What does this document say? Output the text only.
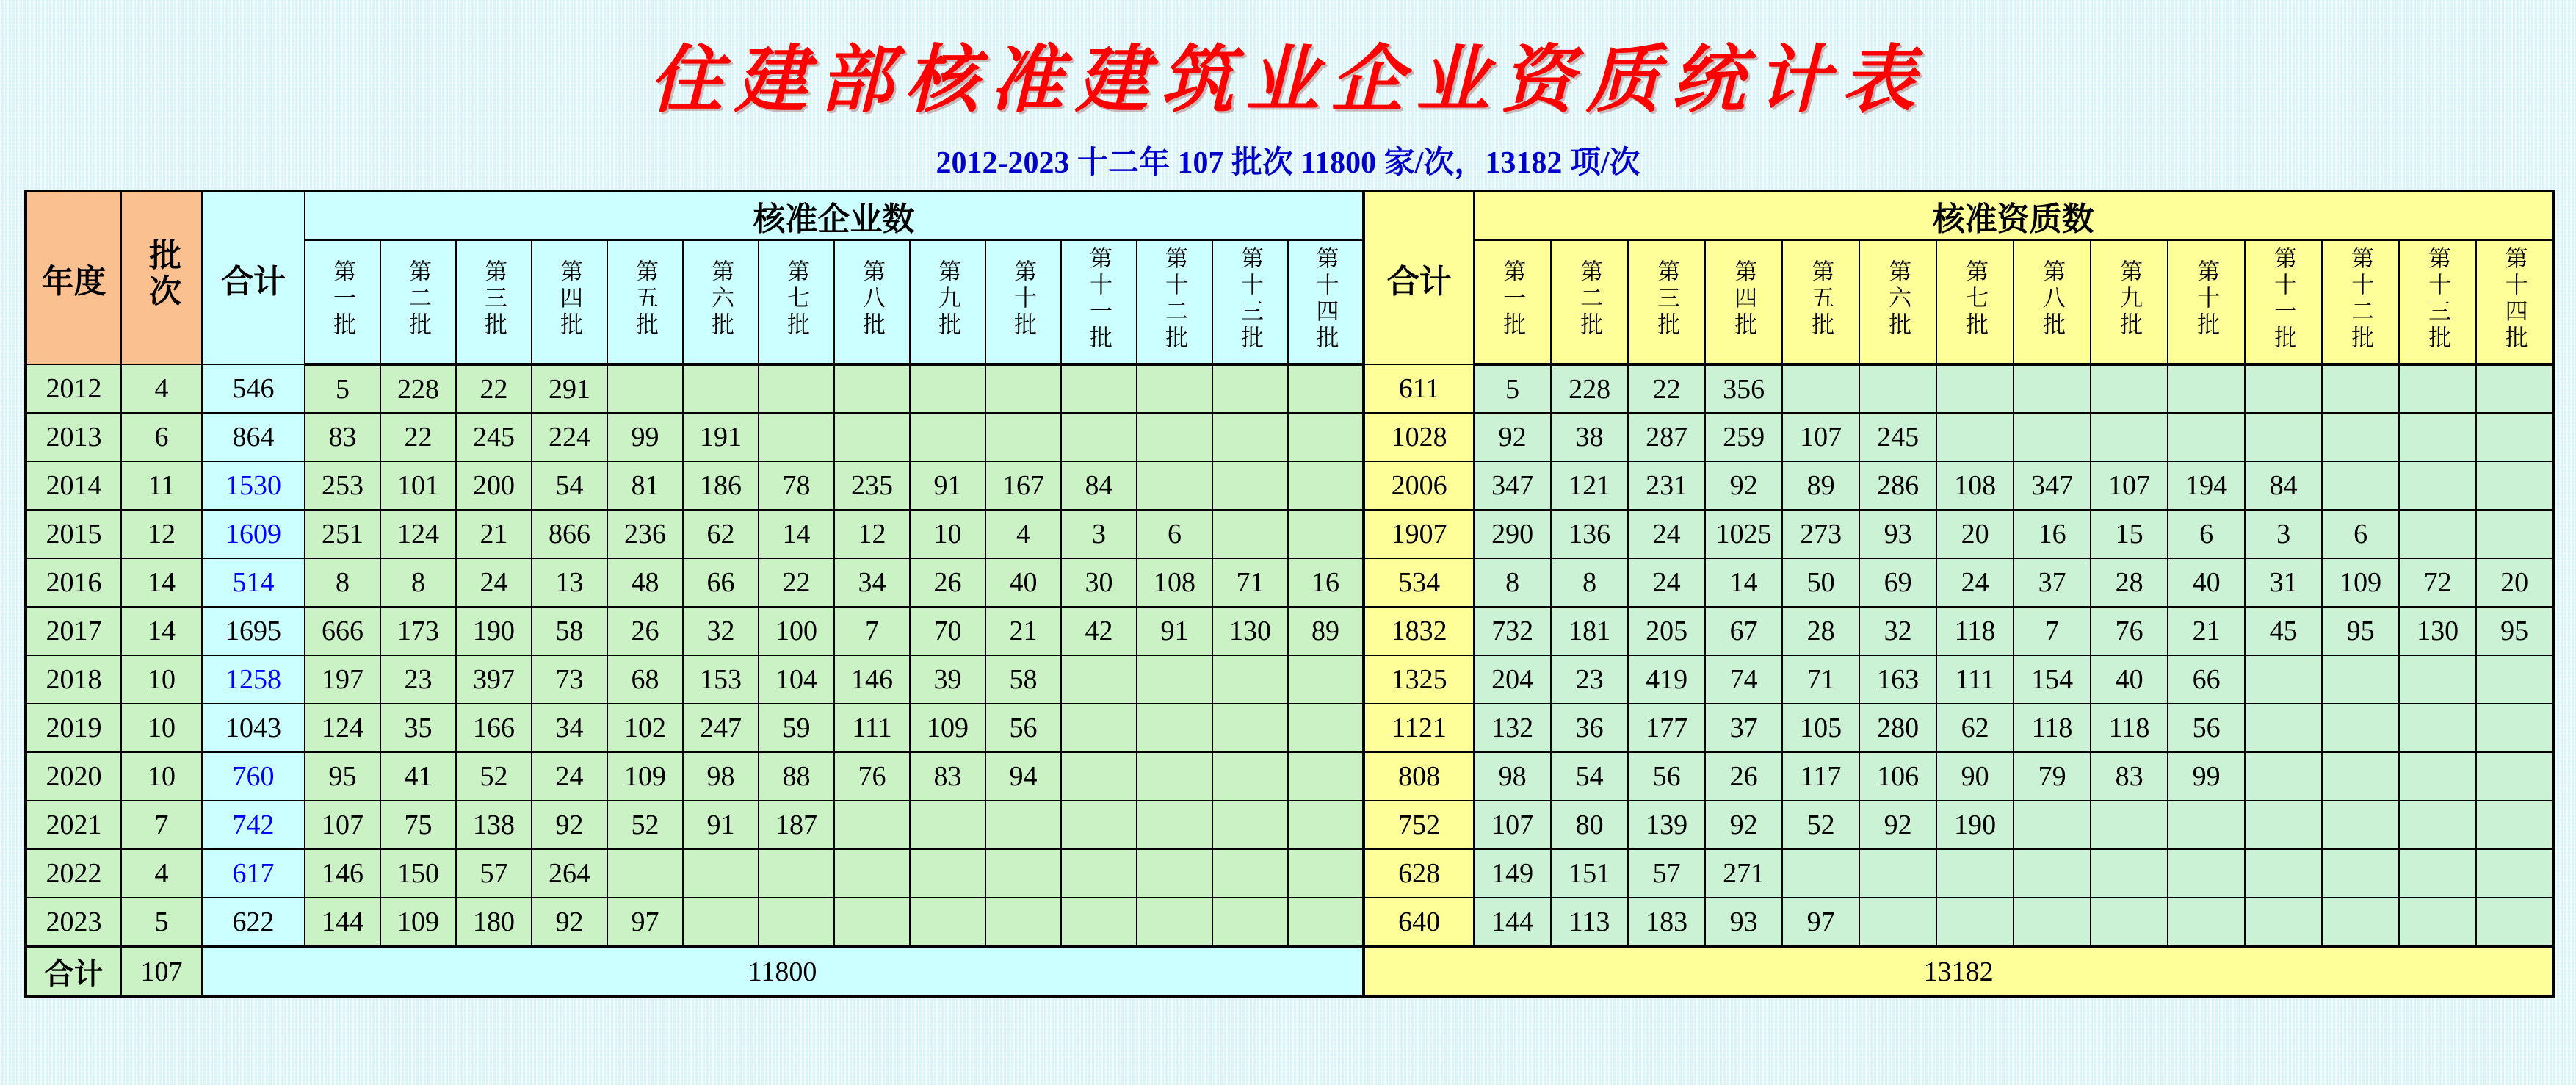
住建部核准建筑业企业资质统计表
2012-2023 十二年 107 批次 11800 家/次，13182 项/次
年度	批次	合计	核准企业数														合计	核准资质数													
			第一批	第二批	第三批	第四批	第五批	第六批	第七批	第八批	第九批	第十批	第十一批	第十二批	第十三批	第十四批		第一批	第二批	第三批	第四批	第五批	第六批	第七批	第八批	第九批	第十批	第十一批	第十二批	第十三批	第十四批
2012	4	546	5	228	22	291											611	5	228	22	356										
2013	6	864	83	22	245	224	99	191									1028	92	38	287	259	107	245								
2014	11	1530	253	101	200	54	81	186	78	235	91	167	84				2006	347	121	231	92	89	286	108	347	107	194	84			
2015	12	1609	251	124	21	866	236	62	14	12	10	4	3	6			1907	290	136	24	1025	273	93	20	16	15	6	3	6		
2016	14	514	8	8	24	13	48	66	22	34	26	40	30	108	71	16	534	8	8	24	14	50	69	24	37	28	40	31	109	72	20
2017	14	1695	666	173	190	58	26	32	100	7	70	21	42	91	130	89	1832	732	181	205	67	28	32	118	7	76	21	45	95	130	95
2018	10	1258	197	23	397	73	68	153	104	146	39	58					1325	204	23	419	74	71	163	111	154	40	66				
2019	10	1043	124	35	166	34	102	247	59	111	109	56					1121	132	36	177	37	105	280	62	118	118	56				
2020	10	760	95	41	52	24	109	98	88	76	83	94					808	98	54	56	26	117	106	90	79	83	99				
2021	7	742	107	75	138	92	52	91	187								752	107	80	139	92	52	92	190							
2022	4	617	146	150	57	264											628	149	151	57	271										
2023	5	622	144	109	180	92	97										640	144	113	183	93	97									
合计	107	11800															13182														
